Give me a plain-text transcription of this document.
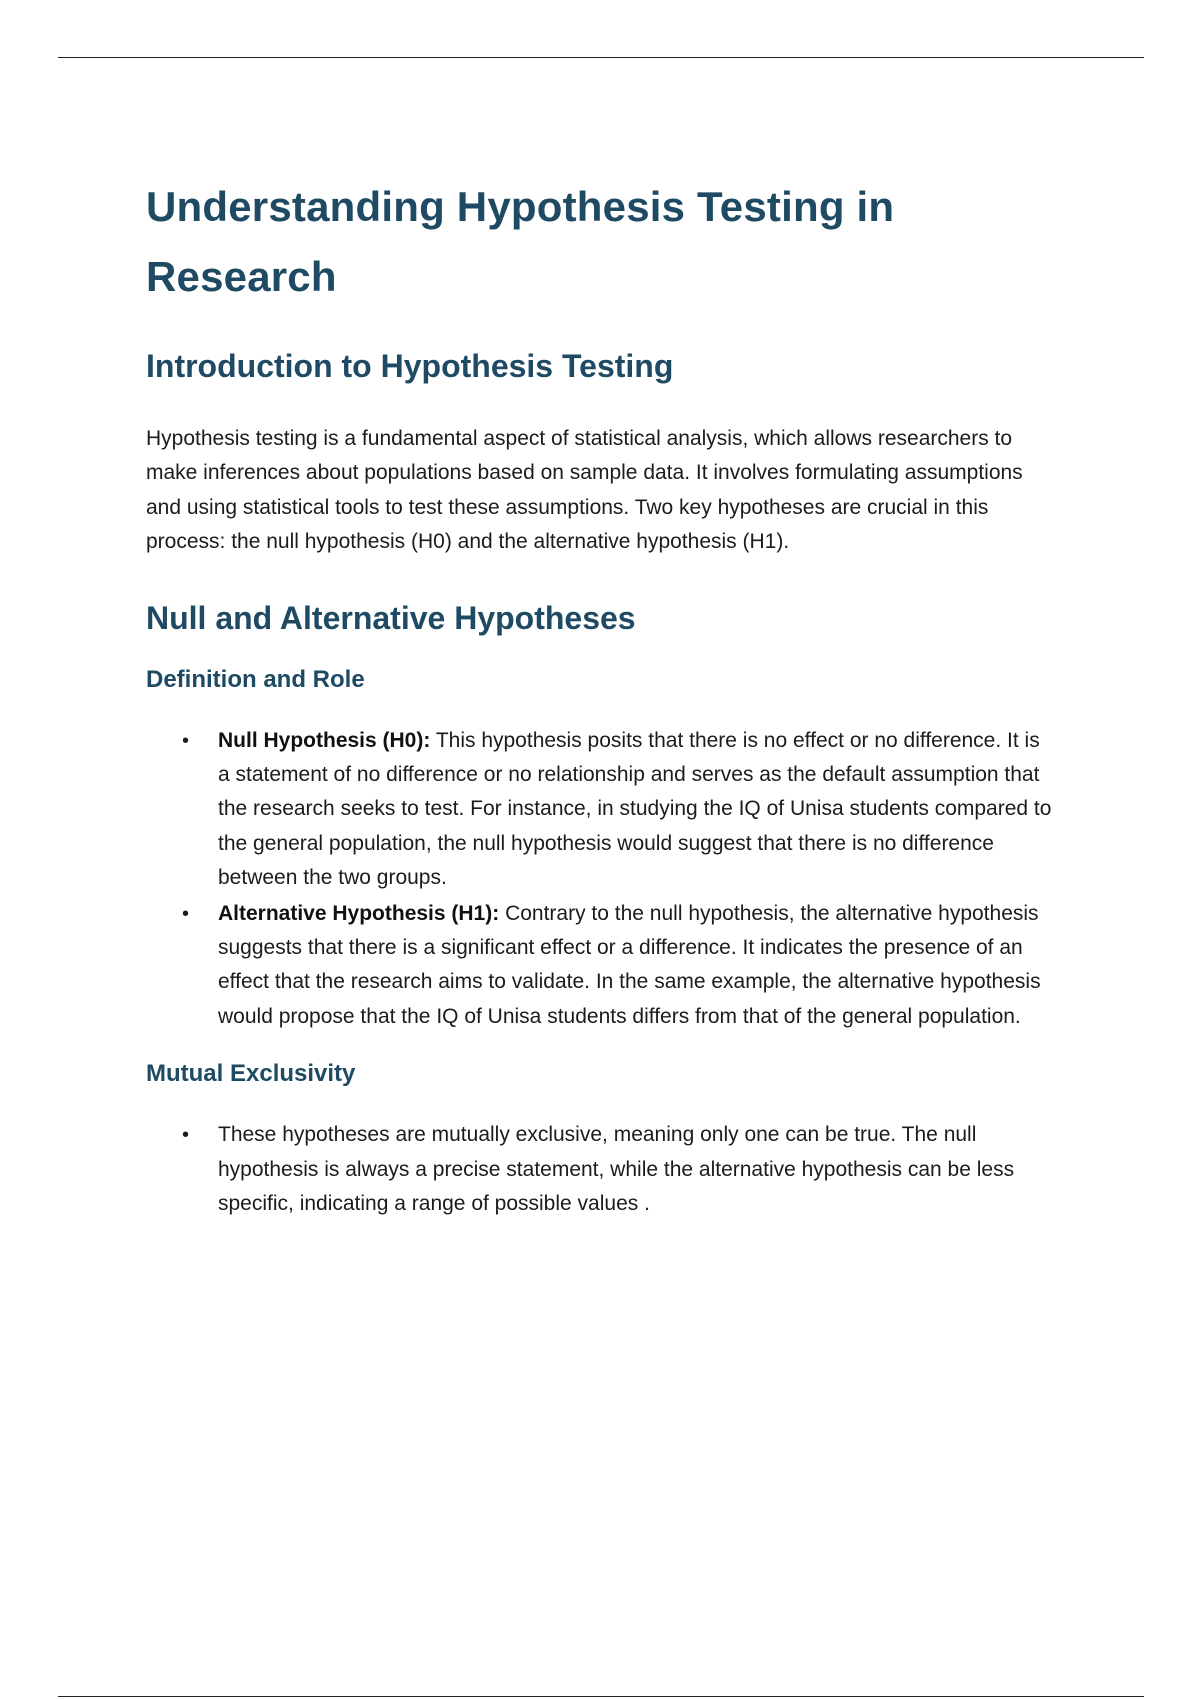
Understanding Hypothesis Testing in Research
Introduction to Hypothesis Testing

Hypothesis testing is a fundamental aspect of statistical analysis, which allows researchers to make inferences about populations based on sample data. It involves formulating assumptions and using statistical tools to test these assumptions. Two key hypotheses are crucial in this process: the null hypothesis (H0) and the alternative hypothesis (H1).

Null and Alternative Hypotheses
Definition and Role
• Null Hypothesis (H0): This hypothesis posits that there is no effect or no difference. It is a statement of no difference or no relationship and serves as the default assumption that the research seeks to test. For instance, in studying the IQ of Unisa students compared to the general population, the null hypothesis would suggest that there is no difference between the two groups.
• Alternative Hypothesis (H1): Contrary to the null hypothesis, the alternative hypothesis suggests that there is a significant effect or a difference. It indicates the presence of an effect that the research aims to validate. In the same example, the alternative hypothesis would propose that the IQ of Unisa students differs from that of the general population.
Mutual Exclusivity
• These hypotheses are mutually exclusive, meaning only one can be true. The null hypothesis is always a precise statement, while the alternative hypothesis can be less specific, indicating a range of possible values .
